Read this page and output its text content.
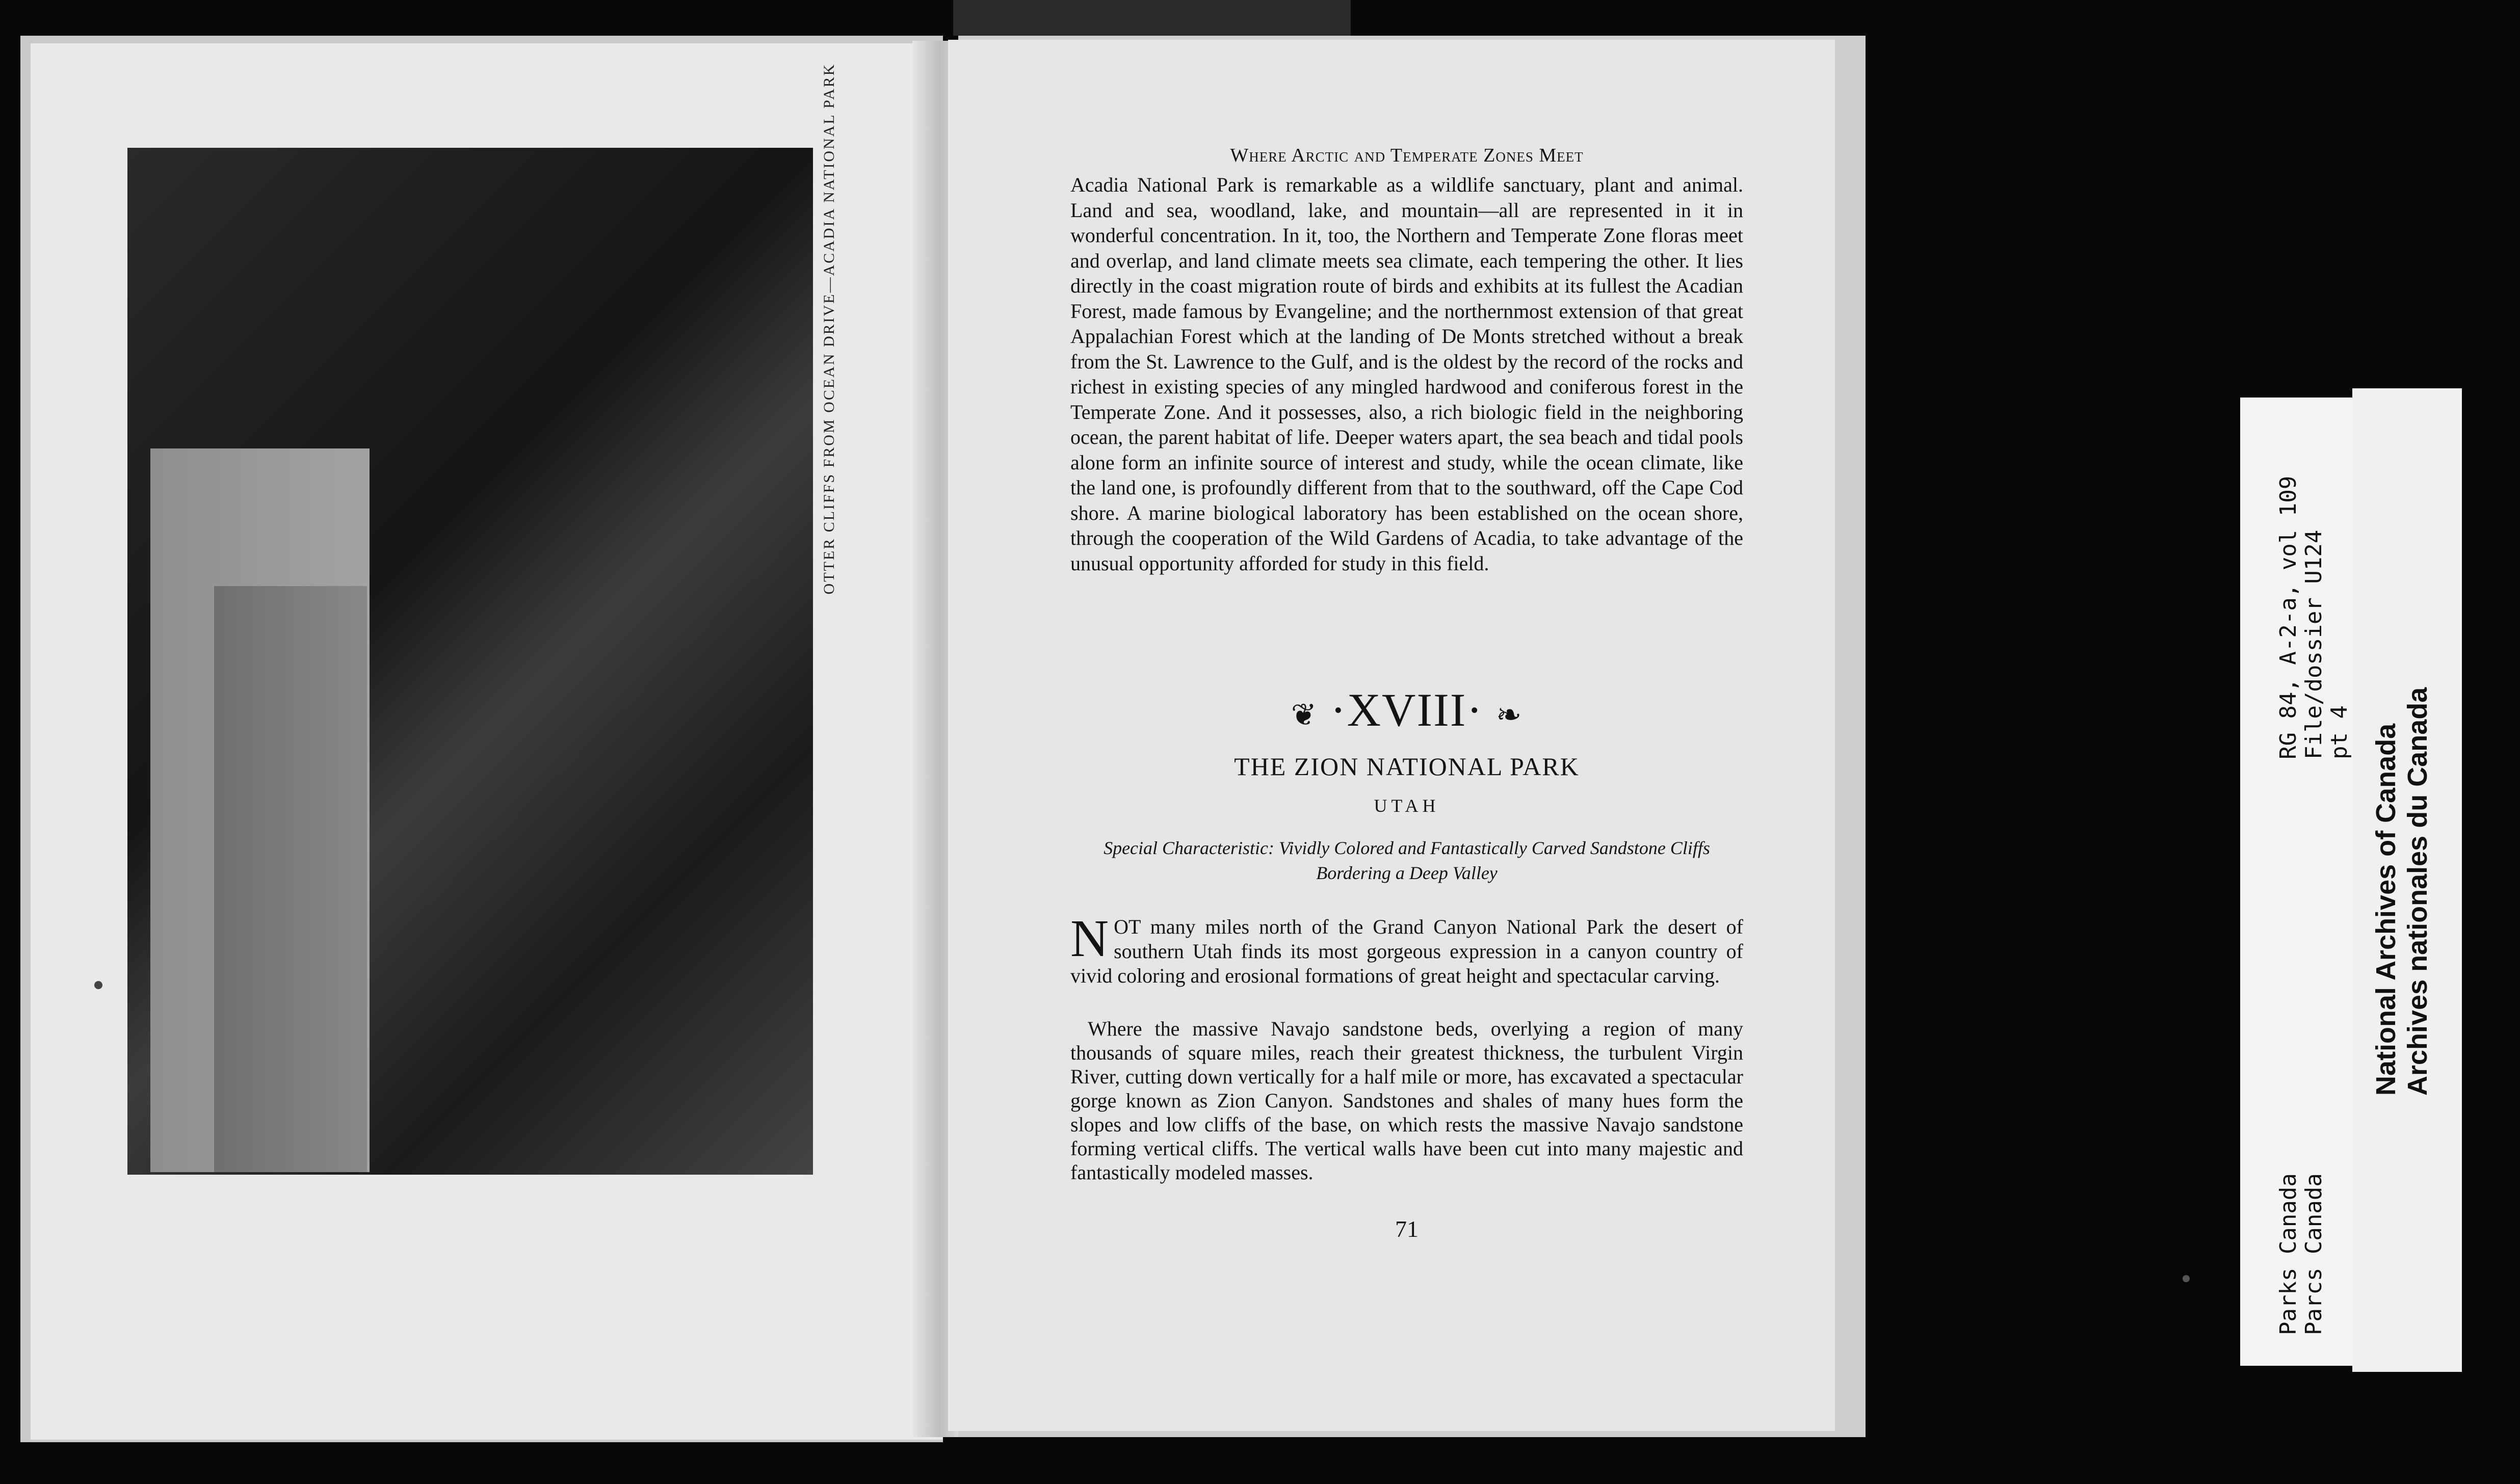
OTTER CLIFFS FROM OCEAN DRIVE—ACADIA NATIONAL PARK	Where Arctic and Temperate Zones Meet
Acadia National Park is remarkable as a wildlife sanctuary, plant and animal. Land and sea, woodland, lake, and mountain—all are represented in it in wonderful concentration. In it, too, the Northern and Temperate Zone floras meet and overlap, and land climate meets sea climate, each tempering the other. It lies directly in the coast migration route of birds and exhibits at its fullest the Acadian Forest, made famous by Evangeline; and the northernmost extension of that great Appalachian Forest which at the landing of De Monts stretched without a break from the St. Lawrence to the Gulf, and is the oldest by the record of the rocks and richest in existing species of any mingled hardwood and coniferous forest in the Temperate Zone. And it possesses, also, a rich biologic field in the neighboring ocean, the parent habitat of life. Deeper waters apart, the sea beach and tidal pools alone form an infinite source of interest and study, while the ocean climate, like the land one, is profoundly different from that to the southward, off the Cape Cod shore. A marine biological laboratory has been established on the ocean shore, through the cooperation of the Wild Gardens of Acadia, to take advantage of the unusual opportunity afforded for study in this field.
❦ ·XVIII· ❧
THE ZION NATIONAL PARK
UTAH
Special Characteristic: Vividly Colored and Fantastically Carved Sandstone Cliffs Bordering a Deep Valley
N OT many miles north of the Grand Canyon National Park the desert of southern Utah finds its most gorgeous expression in a canyon country of vivid coloring and erosional formations of great height and spectacular carving.
Where the massive Navajo sandstone beds, overlying a region of many thousands of square miles, reach their greatest thickness, the turbulent Virgin River, cutting down vertically for a half mile or more, has excavated a spectacular gorge known as Zion Canyon. Sandstones and shales of many hues form the slopes and low cliffs of the base, on which rests the massive Navajo sandstone forming vertical cliffs. The vertical walls have been cut into many majestic and fantastically modeled masses.
71
Parks Canada
Parcs Canada
RG 84, A-2-a, vol 109
File/dossier U124
pt 4
National Archives of Canada
Archives nationales du Canada
